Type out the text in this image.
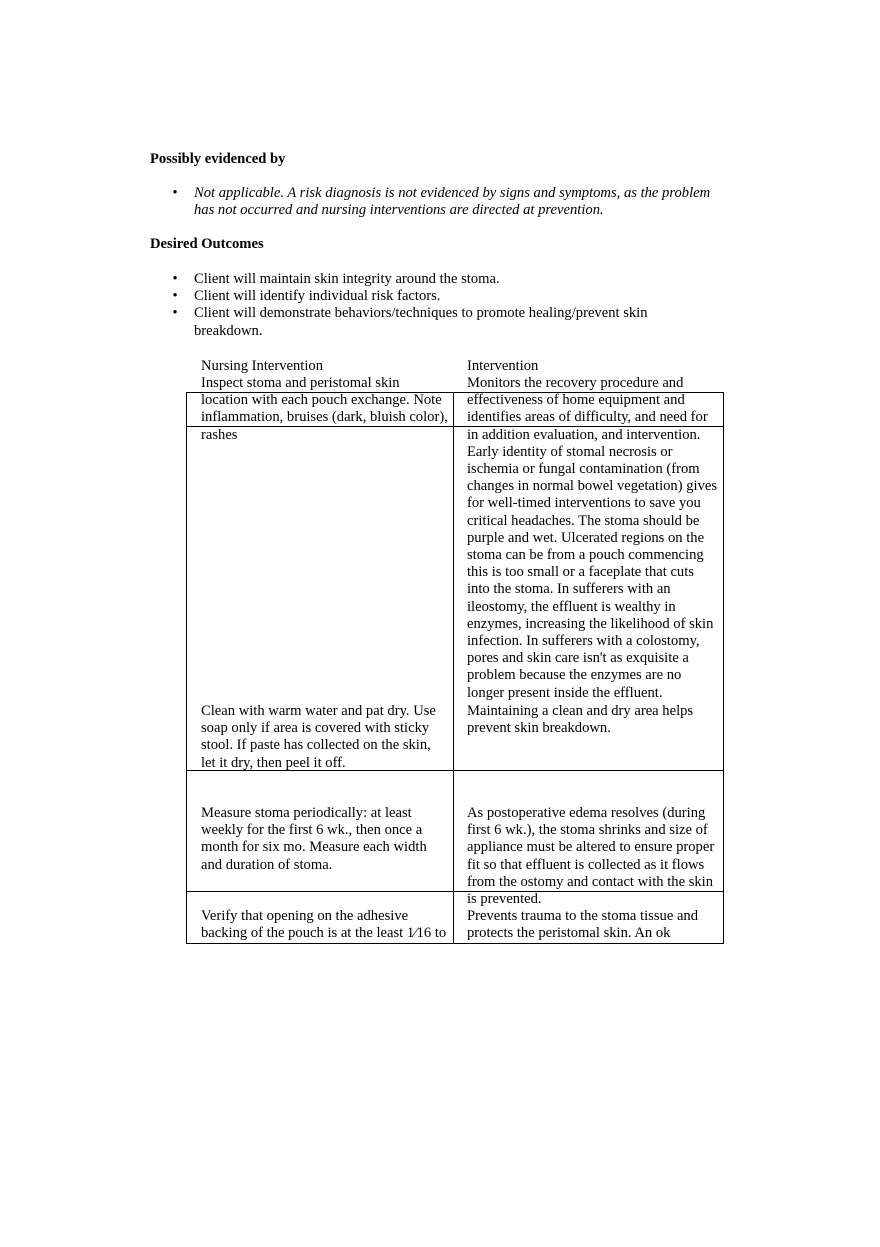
Possibly evidenced by
• Not applicable. A risk diagnosis is not evidenced by signs and symptoms, as the problem
has not occurred and nursing interventions are directed at prevention.
Desired Outcomes
• Client will maintain skin integrity around the stoma.
• Client will identify individual risk factors.
• Client will demonstrate behaviors/techniques to promote healing/prevent skin
breakdown.
Nursing Intervention	Intervention
Inspect stoma and peristomal skin
location with each pouch exchange. Note
inflammation, bruises (dark, bluish color),
rashes
Monitors the recovery procedure and
effectiveness of home equipment and
identifies areas of difficulty, and need for
in addition evaluation, and intervention.
Early identity of stomal necrosis or
ischemia or fungal contamination (from
changes in normal bowel vegetation) gives
for well-timed interventions to save you
critical headaches. The stoma should be
purple and wet. Ulcerated regions on the
stoma can be from a pouch commencing
this is too small or a faceplate that cuts
into the stoma. In sufferers with an
ileostomy, the effluent is wealthy in
enzymes, increasing the likelihood of skin
infection. In sufferers with a colostomy,
pores and skin care isn't as exquisite a
problem because the enzymes are no
longer present inside the effluent.
Clean with warm water and pat dry. Use
soap only if area is covered with sticky
stool. If paste has collected on the skin,
let it dry, then peel it off.
Maintaining a clean and dry area helps
prevent skin breakdown.
Measure stoma periodically: at least
weekly for the first 6 wk., then once a
month for six mo. Measure each width
and duration of stoma.
As postoperative edema resolves (during
first 6 wk.), the stoma shrinks and size of
appliance must be altered to ensure proper
fit so that effluent is collected as it flows
from the ostomy and contact with the skin
is prevented.
Verify that opening on the adhesive
backing of the pouch is at the least 1⁄16 to
Prevents trauma to the stoma tissue and
protects the peristomal skin. An ok
